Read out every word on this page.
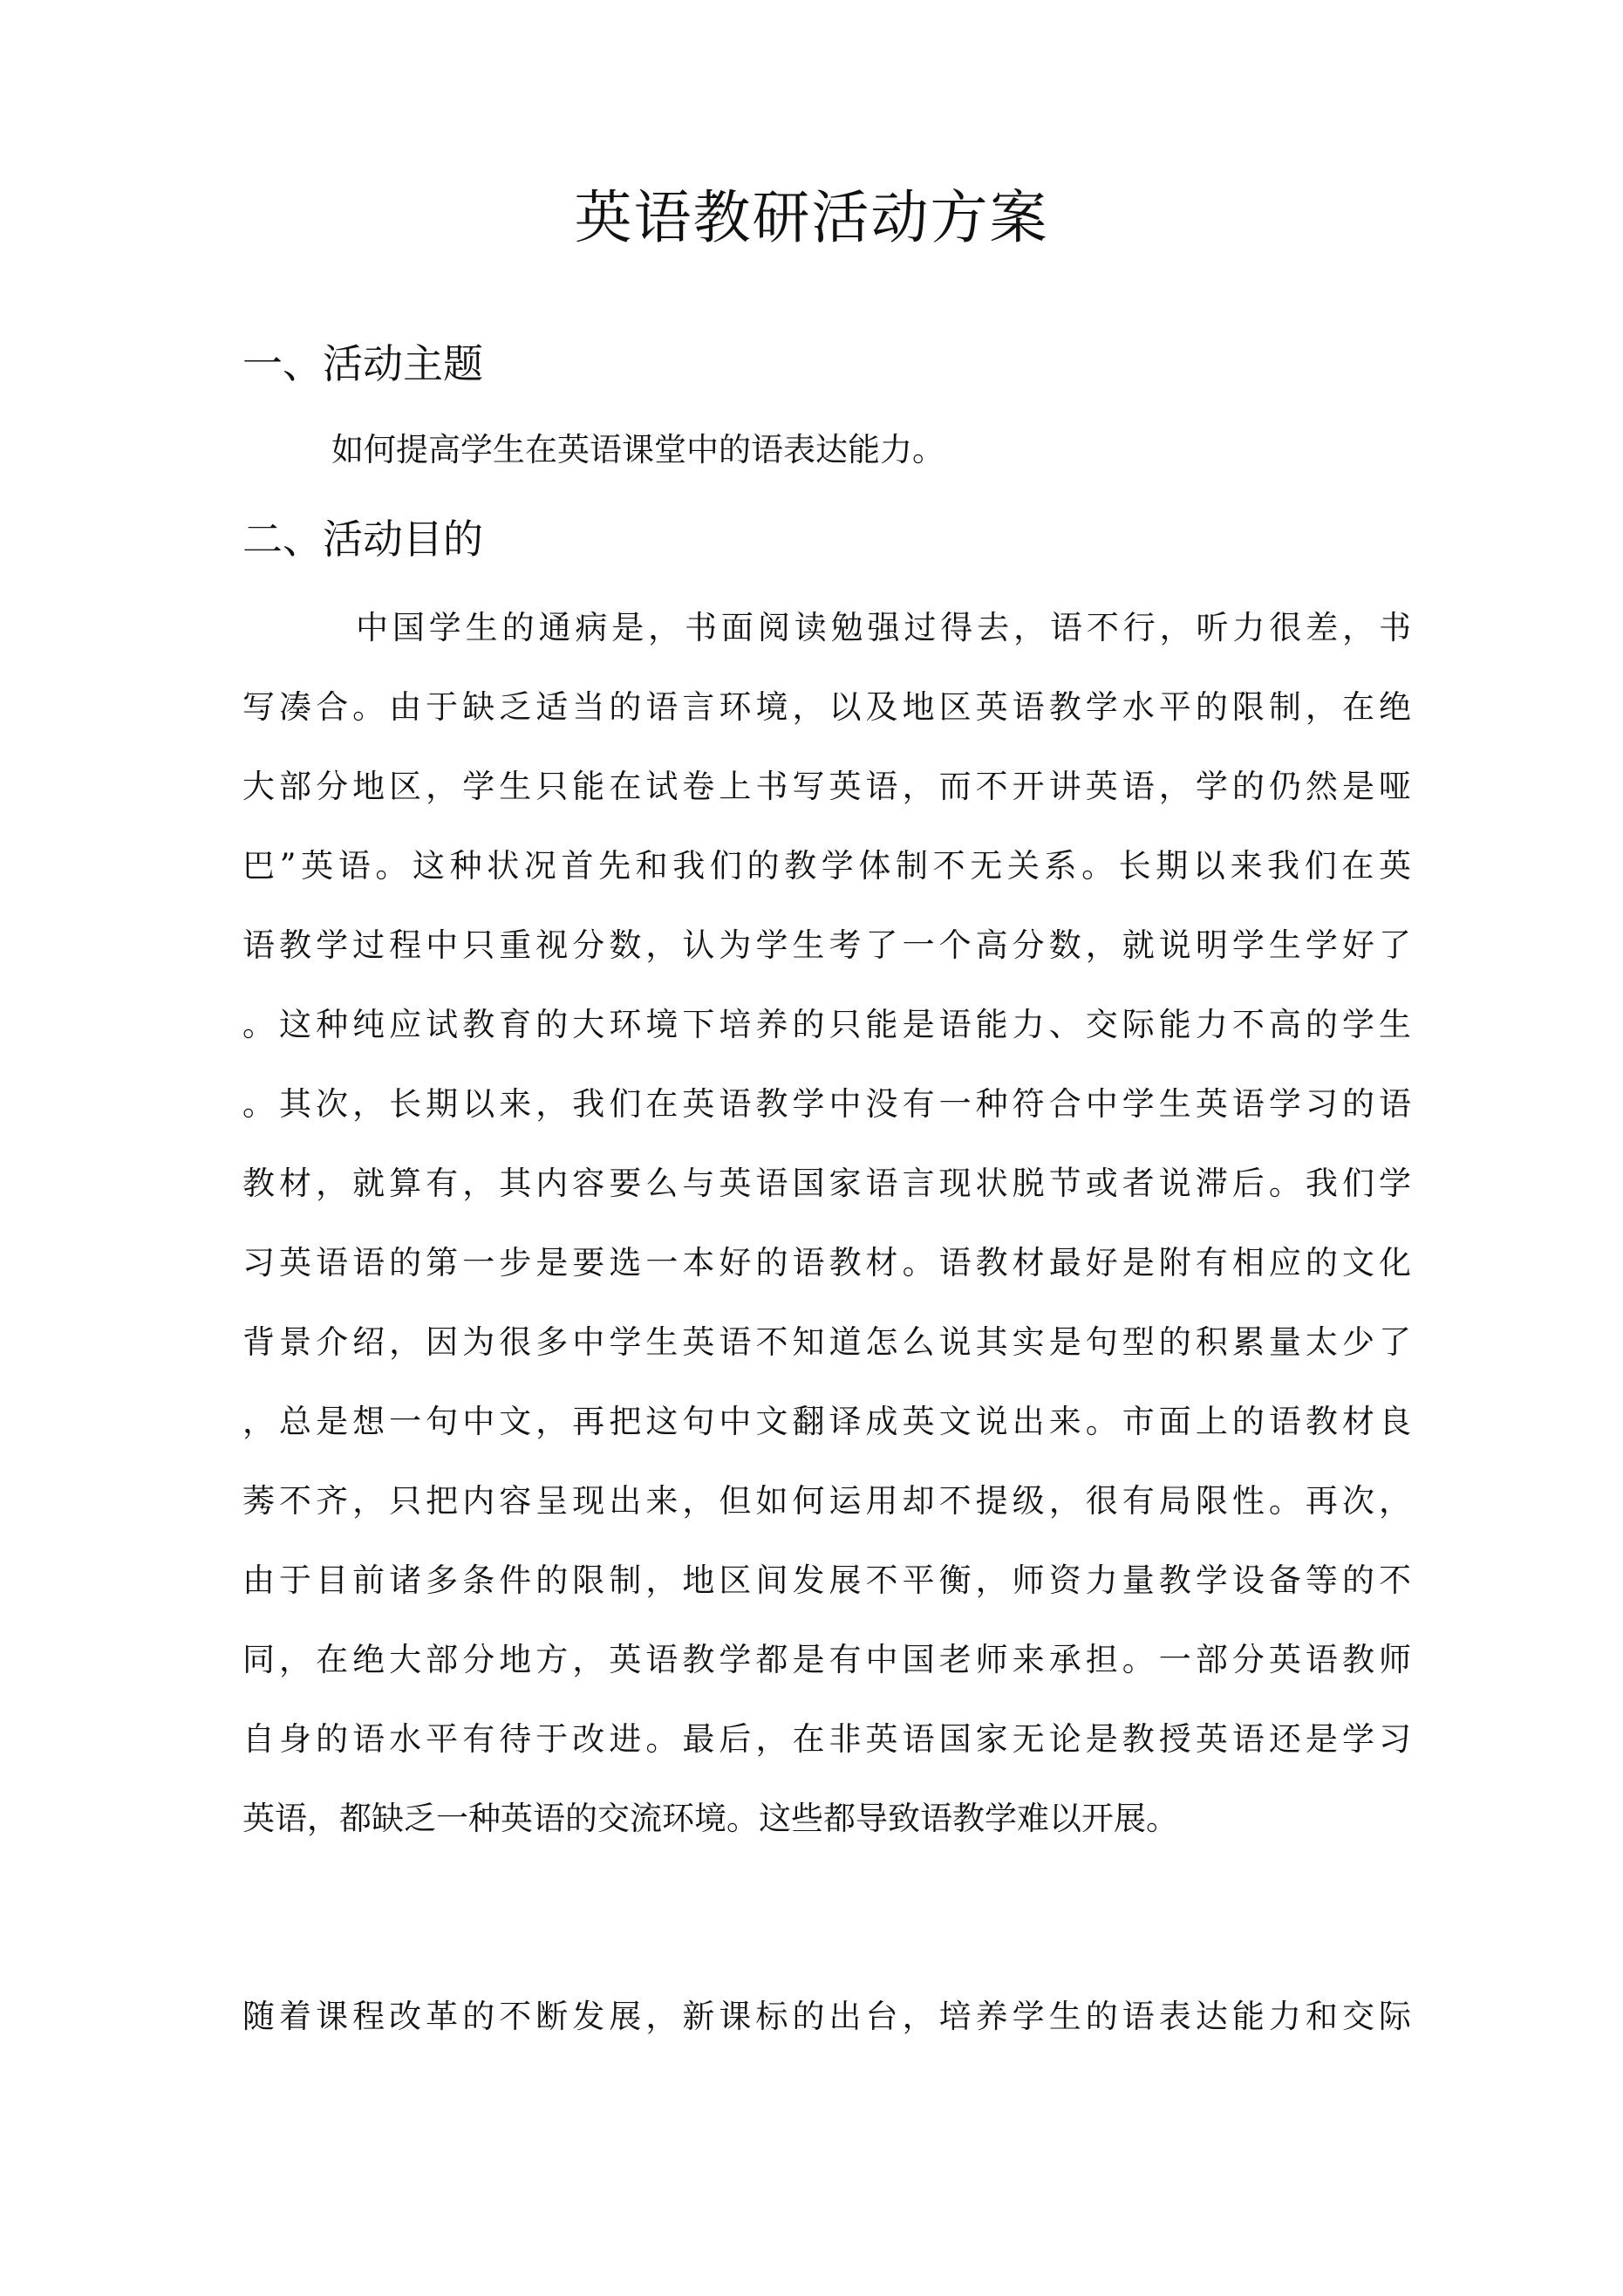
英语教研活动方案
一、活动主题

如何提高学生在英语课堂中的语表达能力。

二、活动目的
中国学生的通病是，书面阅读勉强过得去，语不行，听力很差，书
写凑合。由于缺乏适当的语言环境，以及地区英语教学水平的限制，在绝
大部分地区，学生只能在试卷上书写英语，而不开讲英语，学的仍然是哑
巴”英语。这种状况首先和我们的教学体制不无关系。长期以来我们在英
语教学过程中只重视分数，认为学生考了一个高分数，就说明学生学好了
。这种纯应试教育的大环境下培养的只能是语能力、交际能力不高的学生
。其次，长期以来，我们在英语教学中没有一种符合中学生英语学习的语
教材，就算有，其内容要么与英语国家语言现状脱节或者说滞后。我们学
习英语语的第一步是要选一本好的语教材。语教材最好是附有相应的文化
背景介绍，因为很多中学生英语不知道怎么说其实是句型的积累量太少了
，总是想一句中文，再把这句中文翻译成英文说出来。市面上的语教材良
莠不齐，只把内容呈现出来，但如何运用却不提级，很有局限性。再次，
由于目前诸多条件的限制，地区间发展不平衡，师资力量教学设备等的不
同，在绝大部分地方，英语教学都是有中国老师来承担。一部分英语教师
自身的语水平有待于改进。最后，在非英语国家无论是教授英语还是学习
英语，都缺乏一种英语的交流环境。这些都导致语教学难以开展。
随着课程改革的不断发展，新课标的出台，培养学生的语表达能力和交际
